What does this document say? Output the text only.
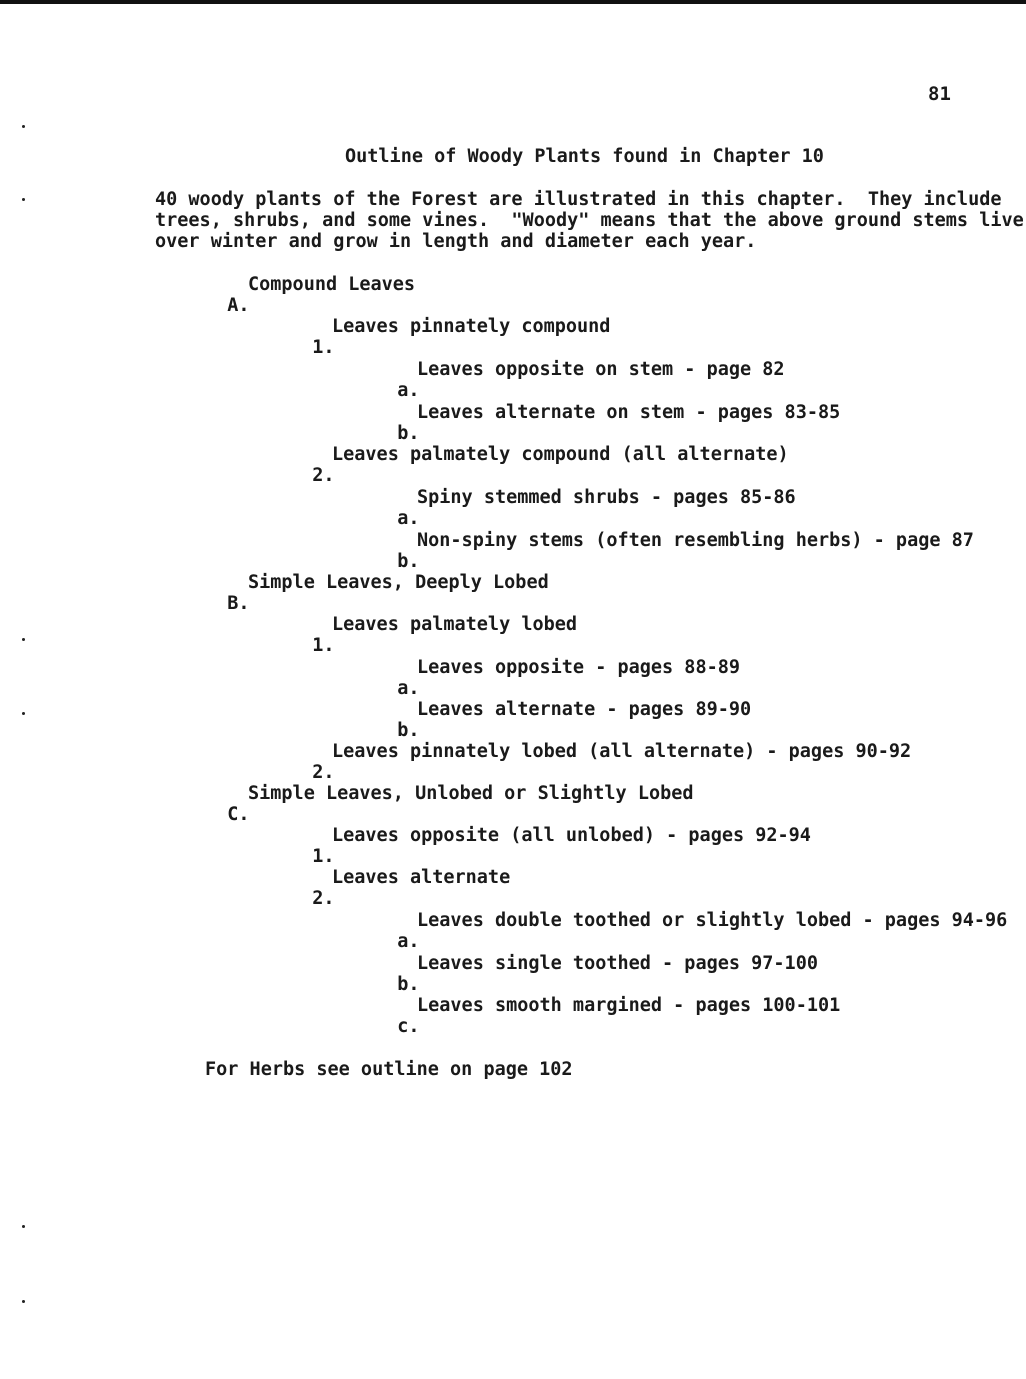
81
Outline of Woody Plants found in Chapter 10
40 woody plants of the Forest are illustrated in this chapter.  They include
trees, shrubs, and some vines.  "Woody" means that the above ground stems live
over winter and grow in length and diameter each year.

A.

Compound Leaves

1.

Leaves pinnately compound

a.

Leaves opposite on stem - page 82

b.

Leaves alternate on stem - pages 83-85

2.

Leaves palmately compound (all alternate)

a.

Spiny stemmed shrubs - pages 85-86

b.

Non-spiny stems (often resembling herbs) - page 87

B.

Simple Leaves, Deeply Lobed

1.

Leaves palmately lobed

a.

Leaves opposite - pages 88-89

b.

Leaves alternate - pages 89-90

2.

Leaves pinnately lobed (all alternate) - pages 90-92

C.

Simple Leaves, Unlobed or Slightly Lobed

1.

Leaves opposite (all unlobed) - pages 92-94

2.

Leaves alternate

a.

Leaves double toothed or slightly lobed - pages 94-96

b.

Leaves single toothed - pages 97-100

c.

Leaves smooth margined - pages 100-101

For Herbs see outline on page 102
